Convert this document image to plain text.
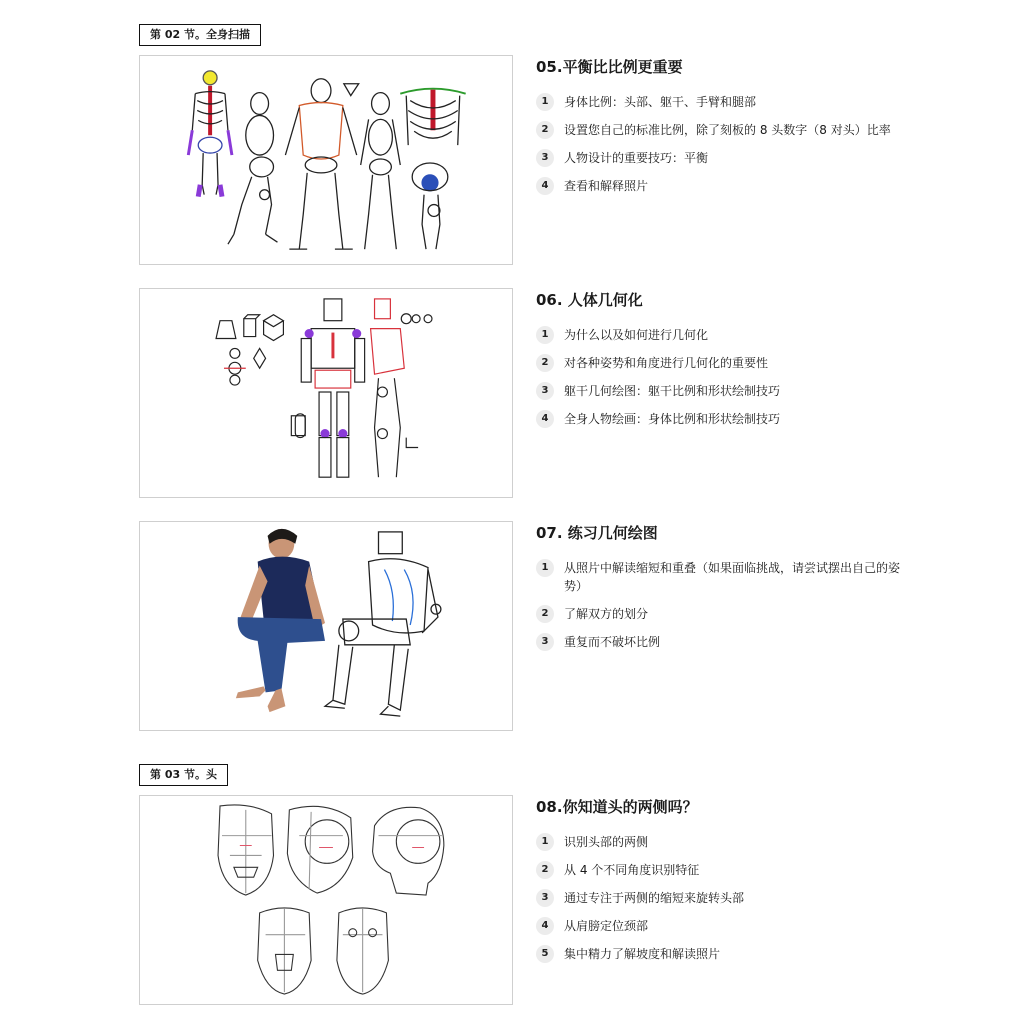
第 02 节。全身扫描
05.平衡比比例更重要
1	身体比例：头部、躯干、手臂和腿部
2	设置您自己的标准比例，除了刻板的 8 头数字（8 对头）比率
3	人物设计的重要技巧：平衡
4	查看和解释照片
06. 人体几何化
1	为什么以及如何进行几何化
2	对各种姿势和角度进行几何化的重要性
3	躯干几何绘图：躯干比例和形状绘制技巧
4	全身人物绘画：身体比例和形状绘制技巧
07. 练习几何绘图
1	从照片中解读缩短和重叠（如果面临挑战，请尝试摆出自己的姿势）
2	了解双方的划分
3	重复而不破坏比例
第 03 节。头
08.你知道头的两侧吗？
1	识别头部的两侧
2	从 4 个不同角度识别特征
3	通过专注于两侧的缩短来旋转头部
4	从肩膀定位颈部
5	集中精力了解坡度和解读照片
